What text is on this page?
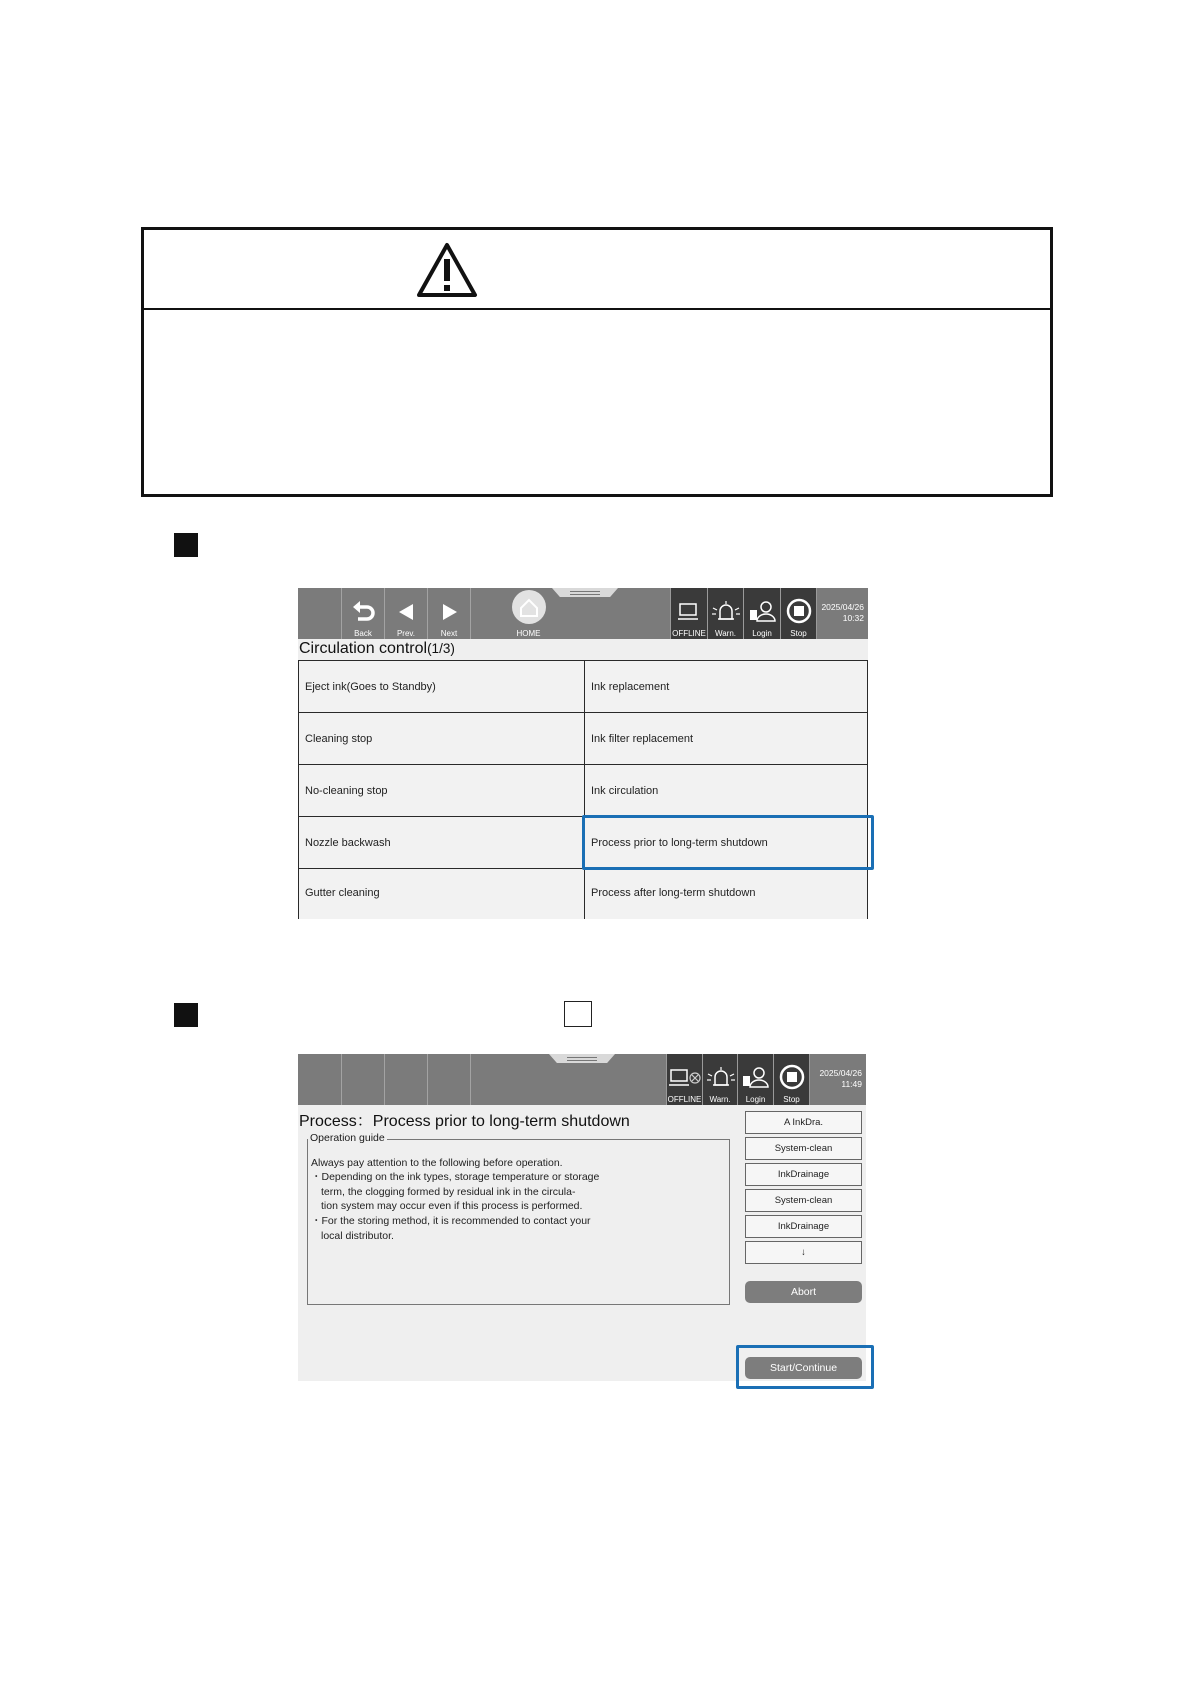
Back	Prev.	Next	HOME	OFFLINE	Warn.	Login	Stop
2025/04/26
10:32
Circulation control(1/3)
Eject ink(Goes to Standby)	Ink replacement
Cleaning stop	Ink filter replacement
No-cleaning stop	Ink circulation
Nozzle backwash	Process prior to long-term shutdown
Gutter cleaning	Process after long-term shutdown
OFFLINE	Warn.	Login	Stop
2025/04/26
11:49
Process：Process prior to long-term shutdown
Operation guide
Always pay attention to the following before operation.
・Depending on the ink types, storage temperature or storage
term, the clogging formed by residual ink in the circula-
tion system may occur even if this process is performed.
・For the storing method, it is recommended to contact your
local distributor.
A InkDra.
System-clean
InkDrainage
System-clean
InkDrainage
↓
Abort
Start/Continue
